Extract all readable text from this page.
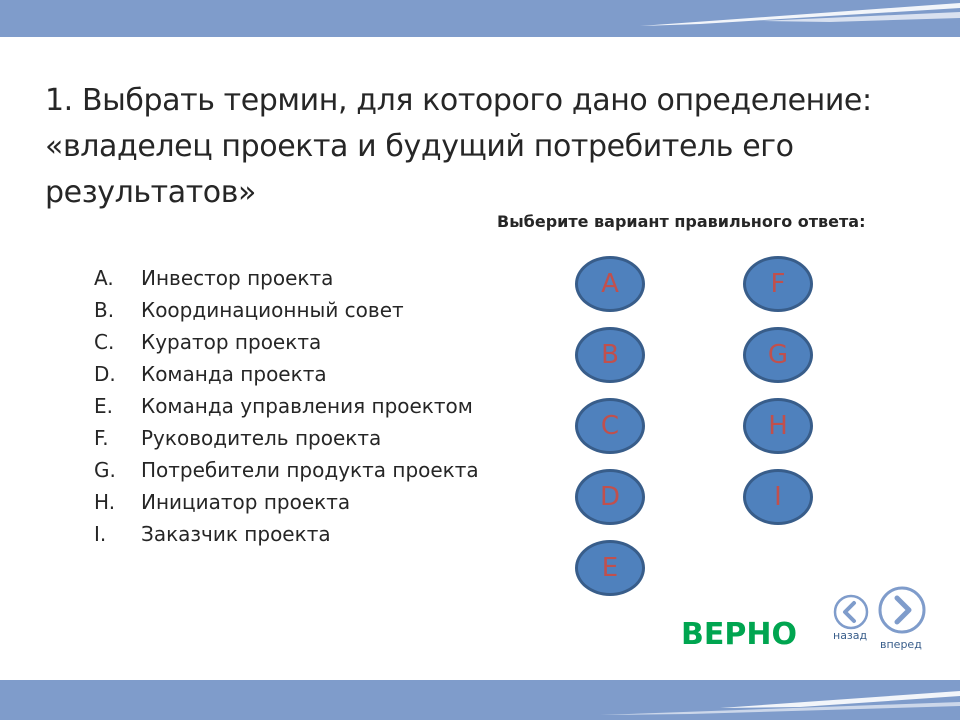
1. Выбрать термин, для которого дано определение:
«владелец проекта и будущий потребитель его
результатов»
Выберите вариант правильного ответа:
A. Инвестор проекта
B. Координационный совет
C. Куратор проекта
D. Команда проекта
E. Команда управления проектом
F. Руководитель проекта
G. Потребители продукта проекта
H. Инициатор проекта
I. Заказчик проекта
A
B
C
D
E
F
G
H
I
ВЕРНО	назад
вперед
